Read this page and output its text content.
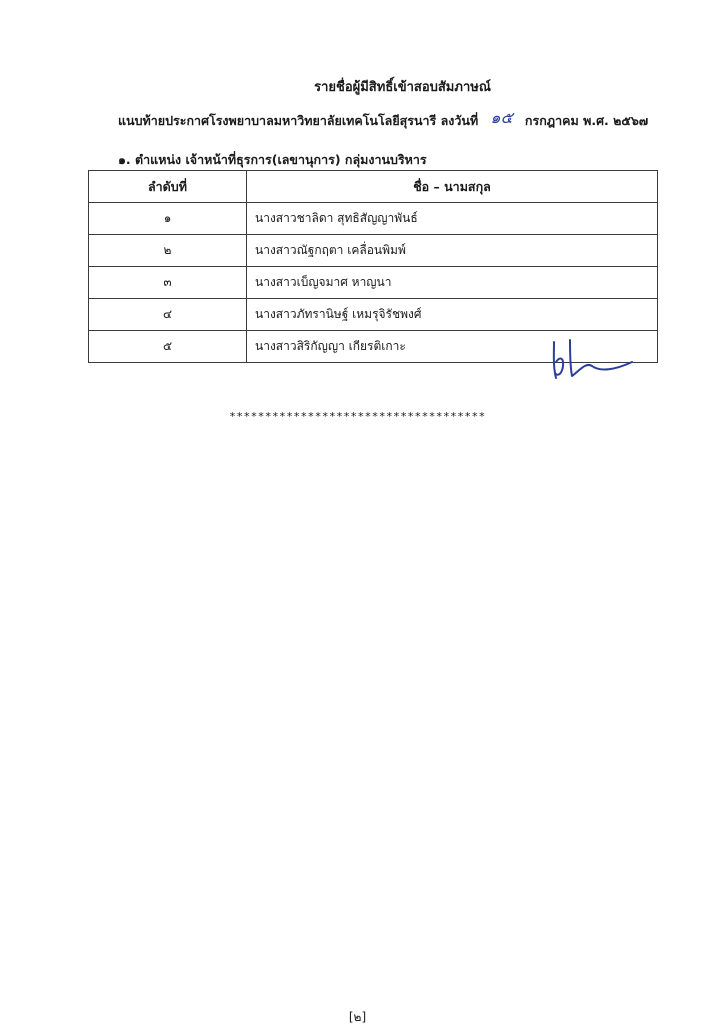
รายชื่อผู้มีสิทธิ์เข้าสอบสัมภาษณ์
แนบท้ายประกาศโรงพยาบาลมหาวิทยาลัยเทคโนโลยีสุรนารี ลงวันที่ ๑๕ กรกฎาคม พ.ศ. ๒๕๖๗
๑. ตำแหน่ง เจ้าหน้าที่ธุรการ(เลขานุการ) กลุ่มงานบริหาร
ลำดับที่	ชื่อ – นามสกุล
๑	นางสาวชาลิดา สุทธิสัญญาพันธ์
๒	นางสาวณัฐกฤตา เคลื่อนพิมพ์
๓	นางสาวเบ็ญจมาศ หาญนา
๔	นางสาวภัทรานิษฐ์ เหมรุจิรัชพงศ์
๕	นางสาวสิริกัญญา เกียรติเกาะ
************************************
[๒]
